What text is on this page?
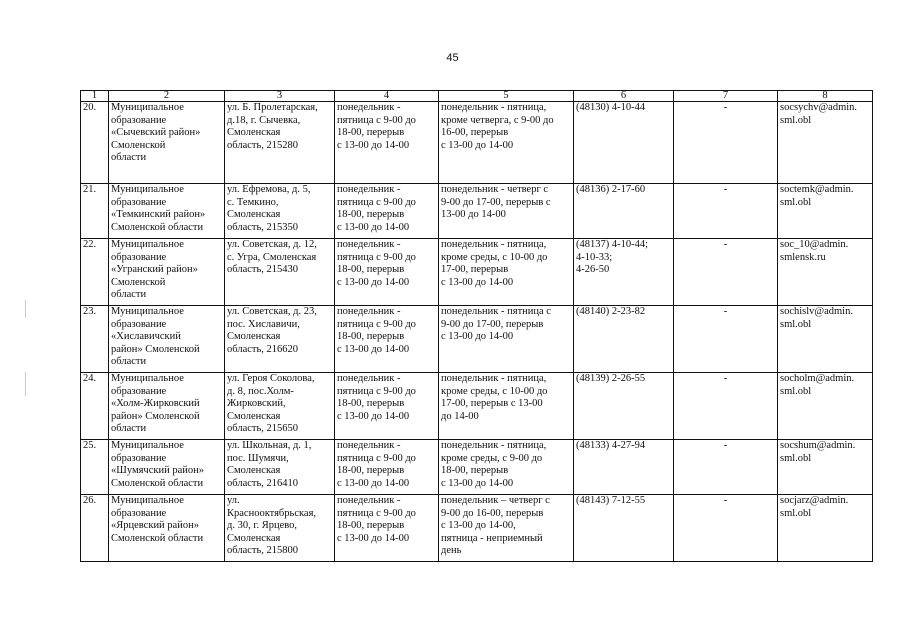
45
1	2	3	4	5	6	7	8
20.	Муниципальное
образование
«Сычевский район»
Смоленской
области	ул. Б. Пролетарская,
д.18, г. Сычевка,
Смоленская
область, 215280	понедельник -
пятница с 9-00 до
18-00, перерыв
с 13-00 до 14-00	понедельник - пятница,
кроме четверга, с 9-00 до
16-00, перерыв
с 13-00 до 14-00	(48130) 4-10-44	-	socsychv@admin.
sml.obl

21.	Муниципальное
образование
«Темкинский район»
Смоленской области	ул. Ефремова, д. 5,
с. Темкино,
Смоленская
область, 215350	понедельник -
пятница с 9-00 до
18-00, перерыв
с 13-00 до 14-00	понедельник - четверг с
9-00 до 17-00, перерыв с
13-00 до 14-00	(48136) 2-17-60	-	soctemk@admin.
sml.obl

22.	Муниципальное
образование
«Угранский район»
Смоленской
области	ул. Советская, д. 12,
с. Угра, Смоленская
область, 215430	понедельник -
пятница с 9-00 до
18-00, перерыв
с 13-00 до 14-00	понедельник - пятница,
кроме среды, с 10-00 до
17-00, перерыв
с 13-00 до 14-00	(48137) 4-10-44;
4-10-33;
4-26-50	-	soc_10@admin.
smlensk.ru

23.	Муниципальное
образование
«Хиславичский
район» Смоленской
области	ул. Советская, д. 23,
пос. Хиславичи,
Смоленская
область, 216620	понедельник -
пятница с 9-00 до
18-00, перерыв
с 13-00 до 14-00	понедельник - пятница с
9-00 до 17-00, перерыв
с 13-00 до 14-00	(48140) 2-23-82	-	sochislv@admin.
sml.obl

24.	Муниципальное
образование
«Холм-Жирковский
район» Смоленской
области	ул. Героя Соколова,
д. 8, пос.Холм-
Жирковский,
Смоленская
область, 215650	понедельник -
пятница с 9-00 до
18-00, перерыв
с 13-00 до 14-00	понедельник - пятница,
кроме среды, с 10-00 до
17-00, перерыв с 13-00
до 14-00	(48139) 2-26-55	-	socholm@admin.
sml.obl

25.	Муниципальное
образование
«Шумячский район»
Смоленской области	ул. Школьная, д. 1,
пос. Шумячи,
Смоленская
область, 216410	понедельник -
пятница с 9-00 до
18-00, перерыв
с 13-00 до 14-00	понедельник - пятница,
кроме среды, с 9-00 до
18-00, перерыв
с 13-00 до 14-00	(48133) 4-27-94	-	socshum@admin.
sml.obl

26.	Муниципальное
образование
«Ярцевский район»
Смоленской области	ул.
Краснооктябрьская,
д. 30, г. Ярцево,
Смоленская
область, 215800	понедельник -
пятница с 9-00 до
18-00, перерыв
с 13-00 до 14-00	понедельник – четверг с
9-00 до 16-00, перерыв
с 13-00 до 14-00,
пятница - неприемный
день	(48143) 7-12-55	-	socjarz@admin.
sml.obl
